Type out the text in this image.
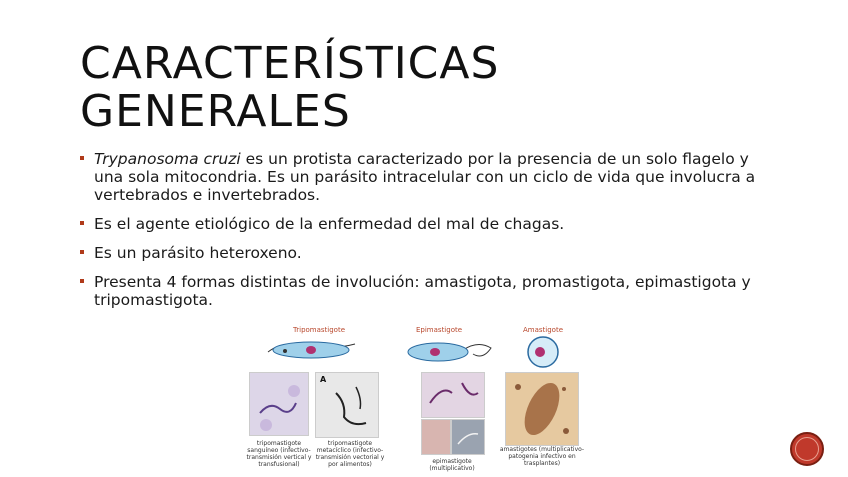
CARACTERÍSTICAS GENERALES
Trypanosoma cruzi es un protista caracterizado por la presencia de un solo flagelo y una sola mitocondria. Es un parásito intracelular con un ciclo de vida que involucra a vertebrados e invertebrados.
Es el agente etiológico de la enfermedad del mal de chagas.
Es un parásito heteroxeno.
Presenta 4 formas distintas de involución: amastigota, promastigota, epimastigota y tripomastigota.
Tripomastigote	Epimastigote	Amastigote
A
tripomastigote sanguíneo (infectivo- transmisión vertical y transfusional)
tripomastigote metacíclico (infectivo- transmisión vectorial y por alimentos)	epimastigote (multiplicativo)
amastigotes (multiplicativo-patogenia infectivo en trasplantes)
